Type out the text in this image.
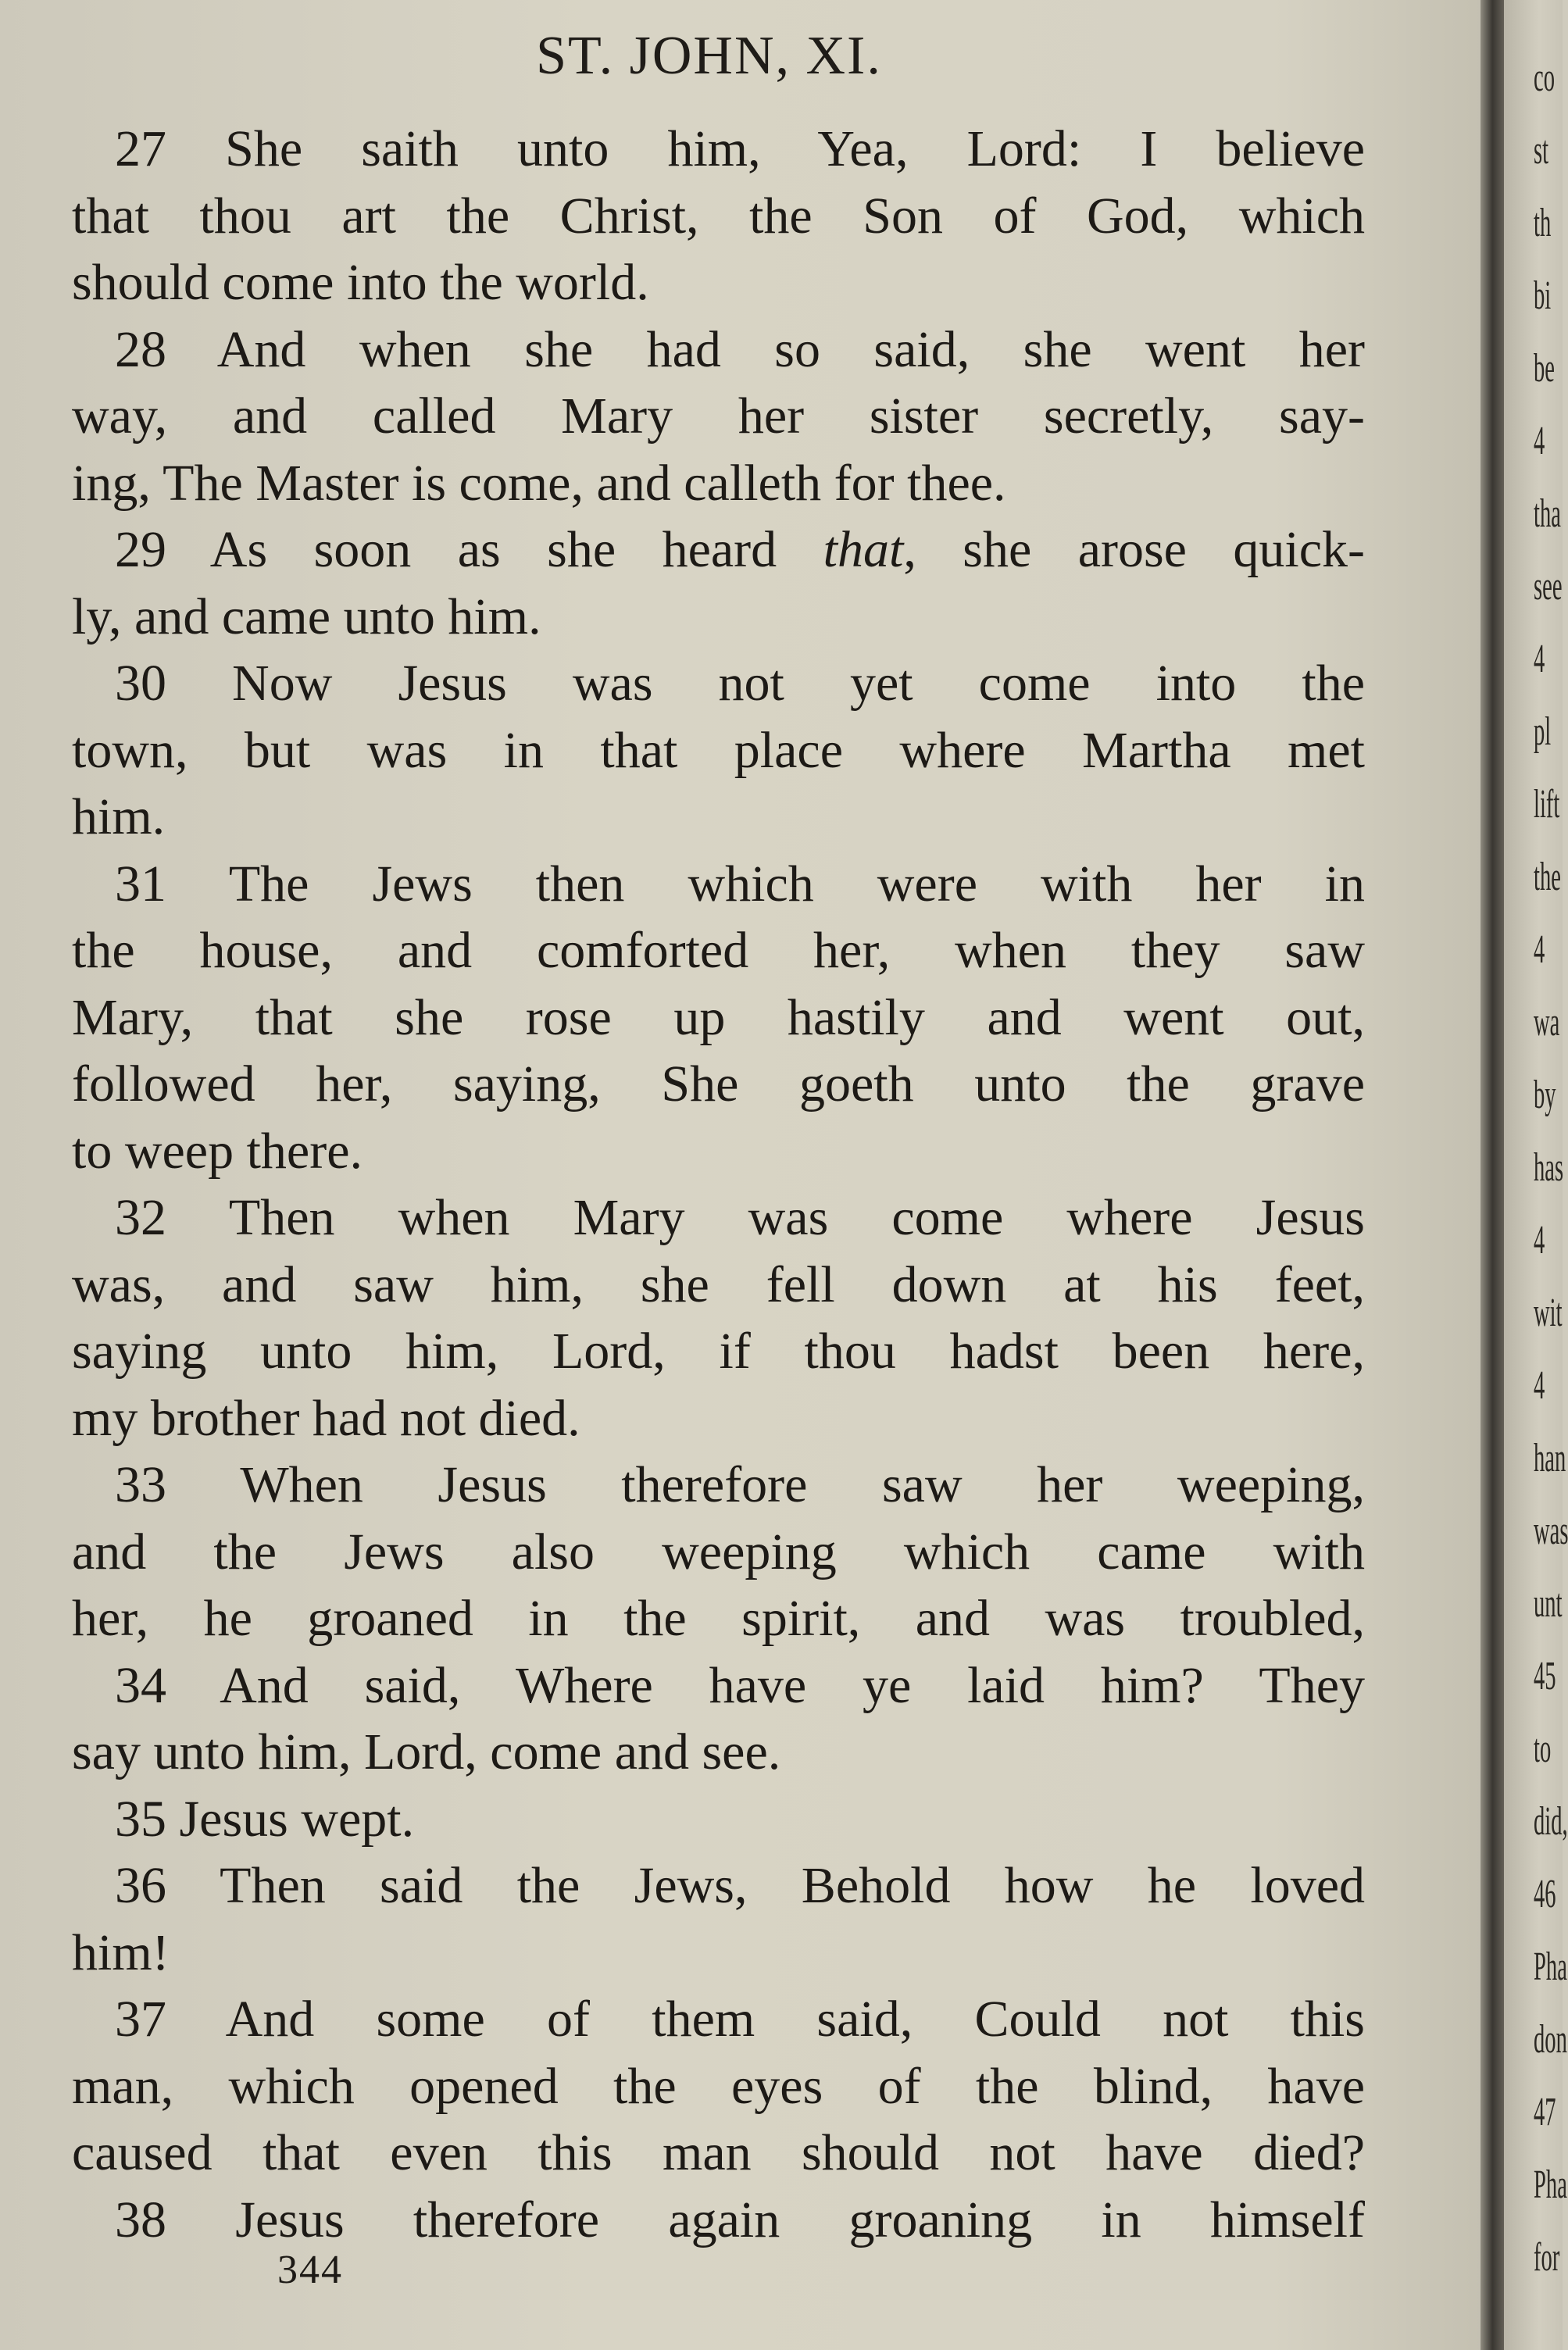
ST. JOHN, XI.
27 She saith unto him, Yea, Lord: I believe
that thou art the Christ, the Son of God, which
should come into the world.
28 And when she had so said, she went her
way, and called Mary her sister secretly, say-
ing, The Master is come, and calleth for thee.
29 As soon as she heard that, she arose quick-
ly, and came unto him.
30 Now Jesus was not yet come into the
town, but was in that place where Martha met
him.
31 The Jews then which were with her in
the house, and comforted her, when they saw
Mary, that she rose up hastily and went out,
followed her, saying, She goeth unto the grave
to weep there.
32 Then when Mary was come where Jesus
was, and saw him, she fell down at his feet,
saying unto him, Lord, if thou hadst been here,
my brother had not died.
33 When Jesus therefore saw her weeping,
and the Jews also weeping which came with
her, he groaned in the spirit, and was troubled,
34 And said, Where have ye laid him? They
say unto him, Lord, come and see.
35 Jesus wept.
36 Then said the Jews, Behold how he loved
him!
37 And some of them said, Could not this
man, which opened the eyes of the blind, have
caused that even this man should not have died?
38 Jesus therefore again groaning in himself
344
co
st
th
bi
be
4
tha
see
4
pl
lift
the
4
wa
by
has
4
wit
4
han
was
unt
45
to
did,
46
Pha
don
47
Pha
for
